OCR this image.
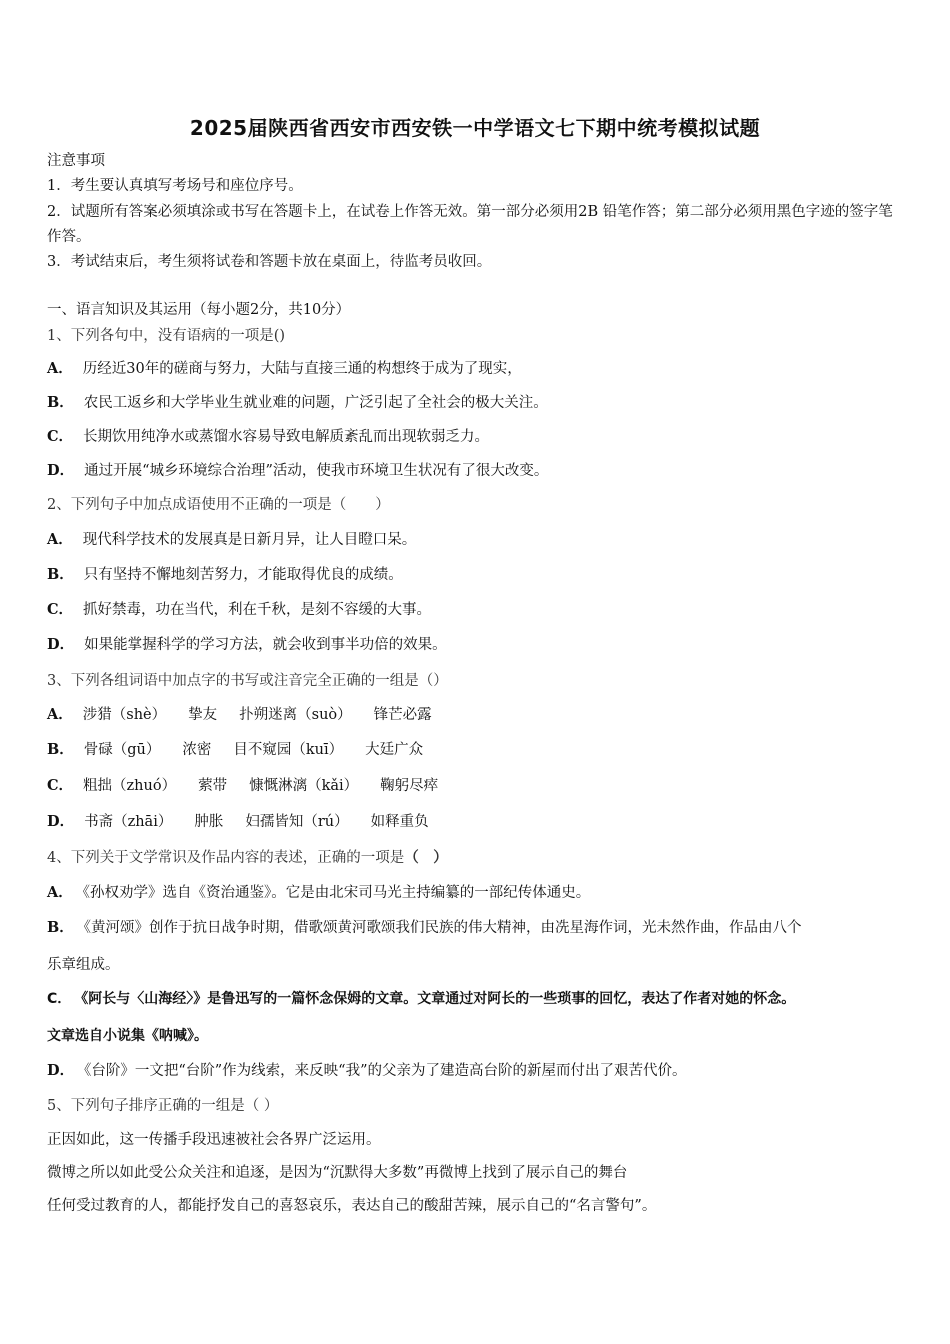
2025届陕西省西安市西安铁一中学语文七下期中统考模拟试题
注意事项
1．考生要认真填写考场号和座位序号。
2．试题所有答案必须填涂或书写在答题卡上，在试卷上作答无效。第一部分必须用2B 铅笔作答；第二部分必须用黑色字迹的签字笔作答。
3．考试结束后，考生须将试卷和答题卡放在桌面上，待监考员收回。
一、语言知识及其运用（每小题2分，共10分）
1、下列各句中，没有语病的一项是()
A． 历经近30年的磋商与努力，大陆与直接三通的构想终于成为了现实，
B． 农民工返乡和大学毕业生就业难的问题，广泛引起了全社会的极大关注。
C． 长期饮用纯净水或蒸馏水容易导致电解质紊乱而出现软弱乏力。
D． 通过开展“城乡环境综合治理”活动，使我市环境卫生状况有了很大改变。
2、下列句子中加点成语使用不正确的一项是（　　）
A． 现代科学技术的发展真是日新月异，让人目瞪口呆。
B． 只有坚持不懈地刻苦努力，才能取得优良的成绩。
C． 抓好禁毒，功在当代，利在千秋，是刻不容缓的大事。
D． 如果能掌握科学的学习方法，就会收到事半功倍的效果。
3、下列各组词语中加点字的书写或注音完全正确的一组是（）
A． 涉猎（shè） 挚友 扑朔迷离（suò） 锋芒必露
B． 骨碌（gū） 浓密 目不窥园（kuī） 大廷广众
C． 粗拙（zhuó） 萦带 慷慨淋漓（kǎi） 鞠躬尽瘁
D． 书斋（zhāi） 肿胀 妇孺皆知（rú） 如释重负
4、下列关于文学常识及作品内容的表述，正确的一项是（　）
A． 《孙权劝学》选自《资治通鉴》。它是由北宋司马光主持编纂的一部纪传体通史。
B． 《黄河颂》创作于抗日战争时期，借歌颂黄河歌颂我们民族的伟大精神，由冼星海作词，光未然作曲，作品由八个
乐章组成。
C． 《阿长与〈山海经〉》是鲁迅写的一篇怀念保姆的文章。文章通过对阿长的一些琐事的回忆，表达了作者对她的怀念。
文章选自小说集《呐喊》。
D． 《台阶》一文把“台阶”作为线索，来反映“我”的父亲为了建造高台阶的新屋而付出了艰苦代价。
5、下列句子排序正确的一组是（ ）
正因如此，这一传播手段迅速被社会各界广泛运用。
微博之所以如此受公众关注和追逐，是因为“沉默得大多数”再微博上找到了展示自己的舞台
任何受过教育的人，都能抒发自己的喜怒哀乐，表达自己的酸甜苦辣，展示自己的“名言警句”。
